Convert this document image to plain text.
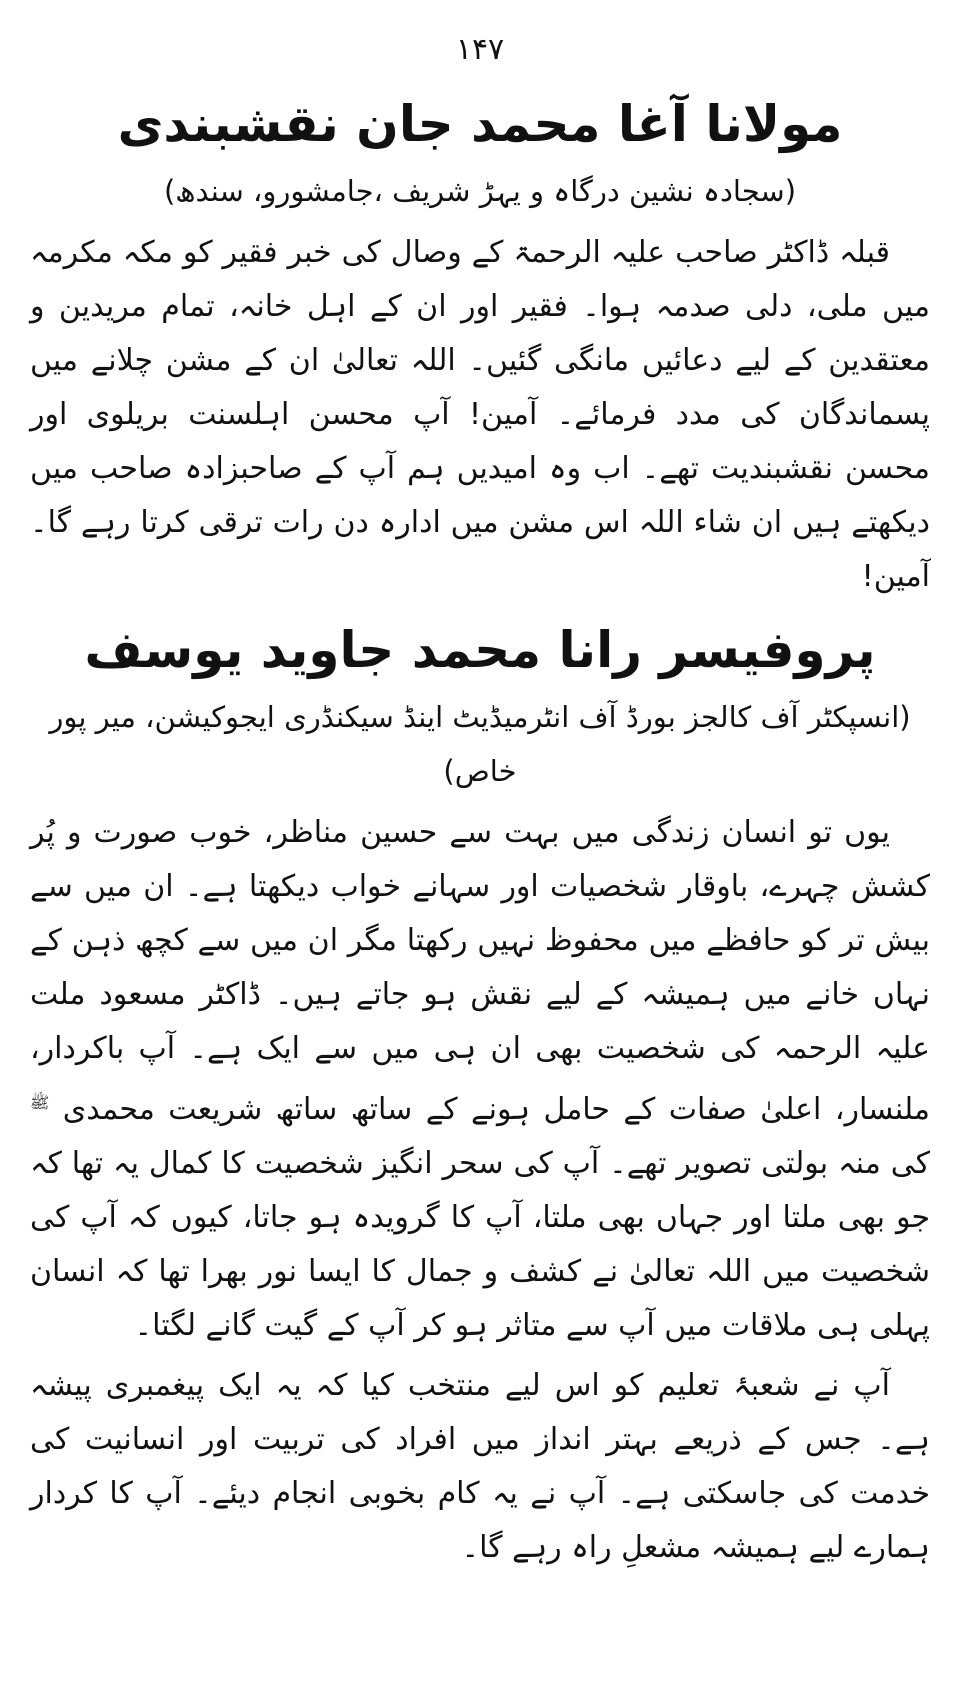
۱۴۷
مولانا آغا محمد جان نقشبندی
(سجادہ نشین درگاہ و یہڑ شریف ،جامشورو، سندھ)

قبلہ ڈاکٹر صاحب علیہ الرحمۃ کے وصال کی خبر فقیر کو مکہ مکرمہ میں ملی، دلی صدمہ ہوا۔ فقیر اور ان کے اہل خانہ، تمام مریدین و معتقدین کے لیے دعائیں مانگی گئیں۔ اللہ تعالیٰ ان کے مشن چلانے میں پسماندگان کی مدد فرمائے۔ آمین! آپ محسن اہلسنت بریلوی اور محسن نقشبندیت تھے۔ اب وہ امیدیں ہم آپ کے صاحبزادہ صاحب میں دیکھتے ہیں ان شاء اللہ اس مشن میں ادارہ دن رات ترقی کرتا رہے گا۔ آمین!

پروفیسر رانا محمد جاوید یوسف
(انسپکٹر آف کالجز بورڈ آف انٹرمیڈیٹ اینڈ سیکنڈری ایجوکیشن، میر پور خاص)

یوں تو انسان زندگی میں بہت سے حسین مناظر، خوب صورت و پُر کشش چہرے، باوقار شخصیات اور سہانے خواب دیکھتا ہے۔ ان میں سے بیش تر کو حافظے میں محفوظ نہیں رکھتا مگر ان میں سے کچھ ذہن کے نہاں خانے میں ہمیشہ کے لیے نقش ہو جاتے ہیں۔ ڈاکٹر مسعود ملت علیہ الرحمہ کی شخصیت بھی ان ہی میں سے ایک ہے۔ آپ باکردار، ملنسار، اعلیٰ صفات کے حامل ہونے کے ساتھ ساتھ شریعت محمدی $^ﷺ$ کی منہ بولتی تصویر تھے۔ آپ کی سحر انگیز شخصیت کا کمال یہ تھا کہ جو بھی ملتا اور جہاں بھی ملتا، آپ کا گرویدہ ہو جاتا، کیوں کہ آپ کی شخصیت میں اللہ تعالیٰ نے کشف و جمال کا ایسا نور بھرا تھا کہ انسان پہلی ہی ملاقات میں آپ سے متاثر ہو کر آپ کے گیت گانے لگتا۔

آپ نے شعبۂ تعلیم کو اس لیے منتخب کیا کہ یہ ایک پیغمبری پیشہ ہے۔ جس کے ذریعے بہتر انداز میں افراد کی تربیت اور انسانیت کی خدمت کی جاسکتی ہے۔ آپ نے یہ کام بخوبی انجام دیئے۔ آپ کا کردار ہمارے لیے ہمیشہ مشعلِ راہ رہے گا۔
